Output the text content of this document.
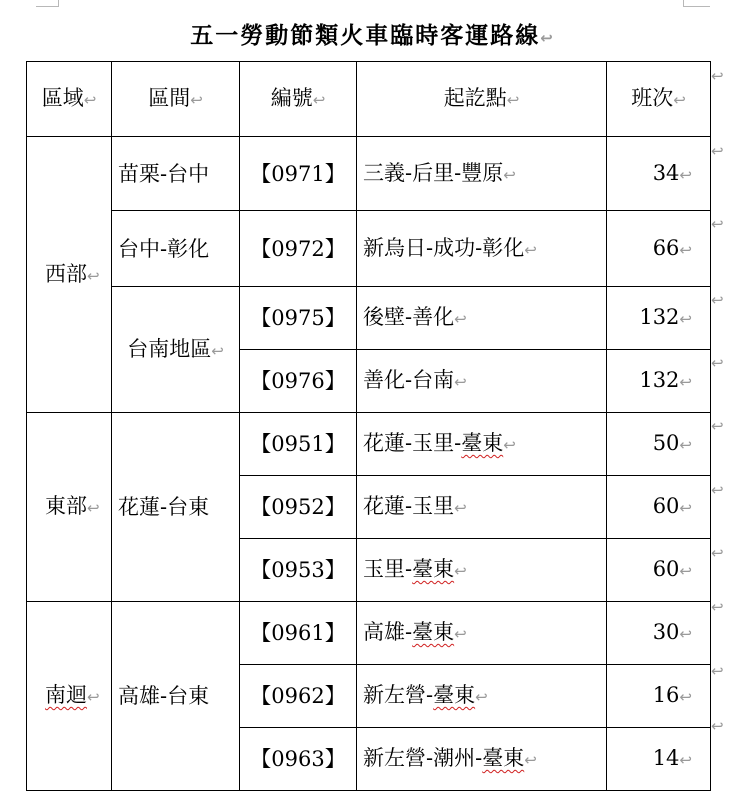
五一勞動節類火車臨時客運路線↩
區域↩	區間↩	編號↩	起訖點↩	班次↩
西部↩	苗栗-台中	【0971】	三義-后里-豐原↩	34↩
	台中-彰化	【0972】	新烏日-成功-彰化↩	66↩
	台南地區↩	【0975】	後壁-善化↩	132↩
		【0976】	善化-台南↩	132↩
東部↩	花蓮-台東	【0951】	花蓮-玉里-臺東↩	50↩
		【0952】	花蓮-玉里↩	60↩
		【0953】	玉里-臺東↩	60↩
南迴↩	高雄-台東	【0961】	高雄-臺東↩	30↩
		【0962】	新左營-臺東↩	16↩
		【0963】	新左營-潮州-臺東↩	14↩
↩
↩
↩
↩
↩
↩
↩
↩
↩
↩
↩
